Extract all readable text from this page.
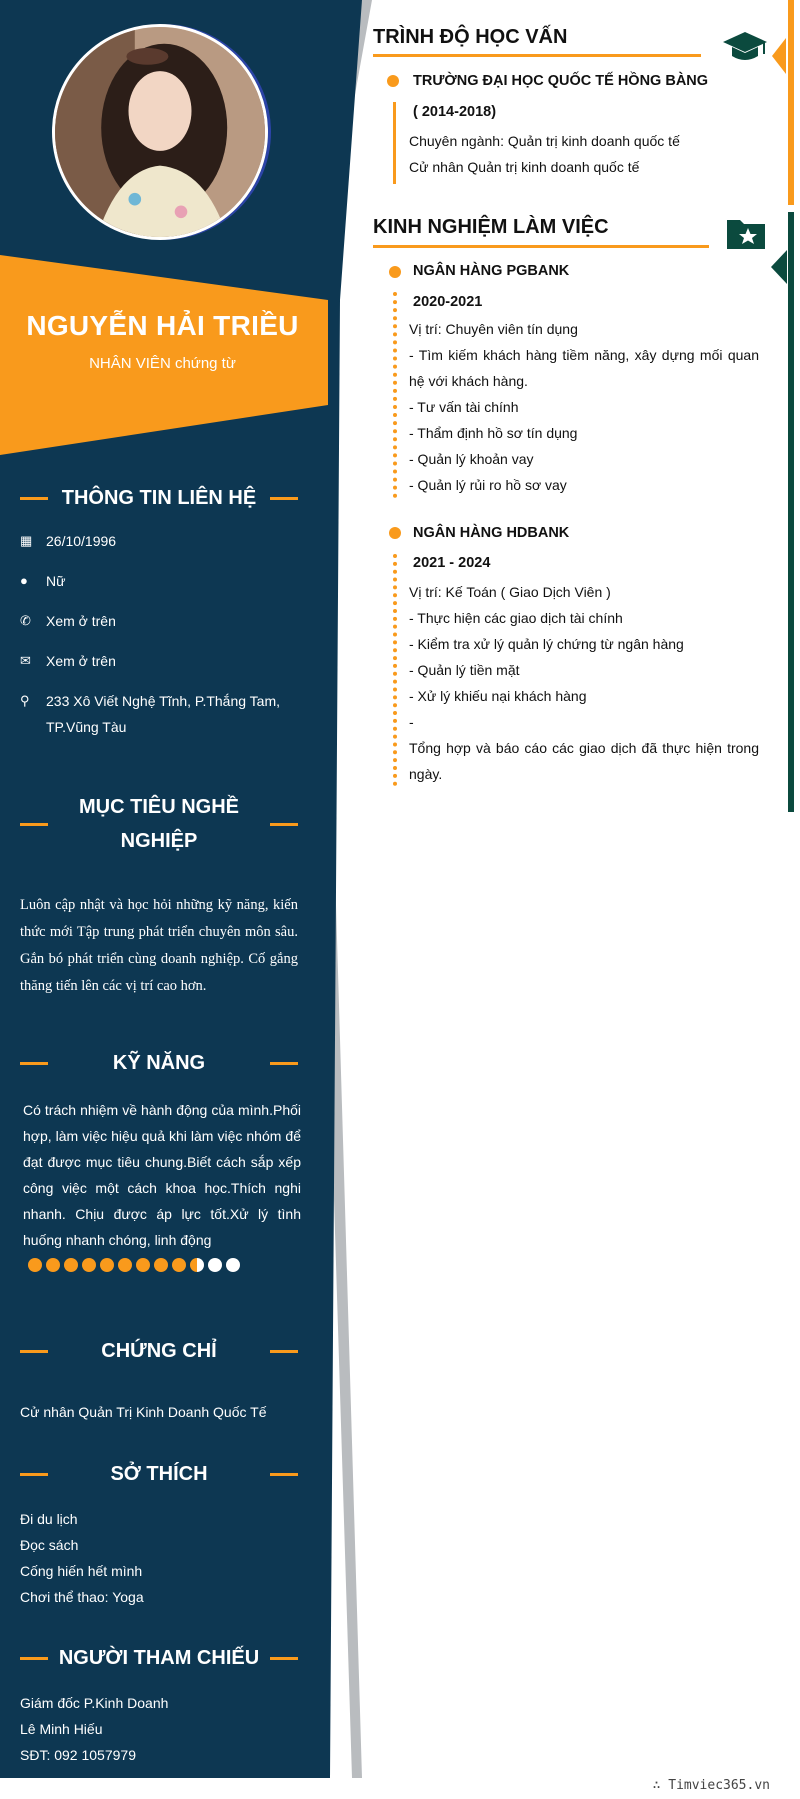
NGUYỄN HẢI TRIỀU
NHÂN VIÊN chứng từ
THÔNG TIN LIÊN HỆ
▦ 26/10/1996
●	Nữ
✆	Xem ở trên
✉	Xem ở trên
⚲	233 Xô Viết Nghệ Tĩnh, P.Thắng Tam,
TP.Vũng Tàu
MỤC TIÊU NGHỀ
NGHIỆP
Luôn cập nhật và học hỏi những kỹ năng, kiến thức mới Tập trung phát triển chuyên môn sâu. Gắn bó phát triển cùng doanh nghiệp. Cố gắng thăng tiến lên các vị trí cao hơn.
KỸ NĂNG
Có trách nhiệm về hành động của mình.Phối hợp, làm việc hiệu quả khi làm việc nhóm để đạt được mục tiêu chung.Biết cách sắp xếp công việc một cách khoa học.Thích nghi nhanh. Chịu được áp lực tốt.Xử lý tình huống nhanh chóng, linh động
CHỨNG CHỈ
Cử nhân Quản Trị Kinh Doanh Quốc Tế
SỞ THÍCH
Đi du lịch
Đọc sách
Cống hiến hết mình
Chơi thể thao: Yoga
NGƯỜI THAM CHIẾU
Giám đốc P.Kinh Doanh
Lê Minh Hiếu
SĐT: 092 1057979
TRÌNH ĐỘ HỌC VẤN
TRƯỜNG ĐẠI HỌC QUỐC TẾ HỒNG BÀNG
( 2014-2018)
Chuyên ngành: Quản trị kinh doanh quốc tế
Cử nhân Quản trị kinh doanh quốc tế
KINH NGHIỆM LÀM VIỆC
NGÂN HÀNG PGBANK
2020-2021
Vị trí: Chuyên viên tín dụng
- Tìm kiếm khách hàng tiềm năng, xây dựng mối quan hệ với khách hàng.
- Tư vấn tài chính
- Thẩm định hồ sơ tín dụng
- Quản lý khoản vay
- Quản lý rủi ro hồ sơ vay
NGÂN HÀNG HDBANK
2021 - 2024
Vị trí: Kế Toán ( Giao Dịch Viên )
- Thực hiện các giao dịch tài chính
- Kiểm tra xử lý quản lý chứng từ ngân hàng
- Quản lý tiền mặt
- Xử lý khiếu nại khách hàng
-
Tổng hợp và báo cáo các giao dịch đã thực hiện trong ngày.
∴ Timviec365.vn
